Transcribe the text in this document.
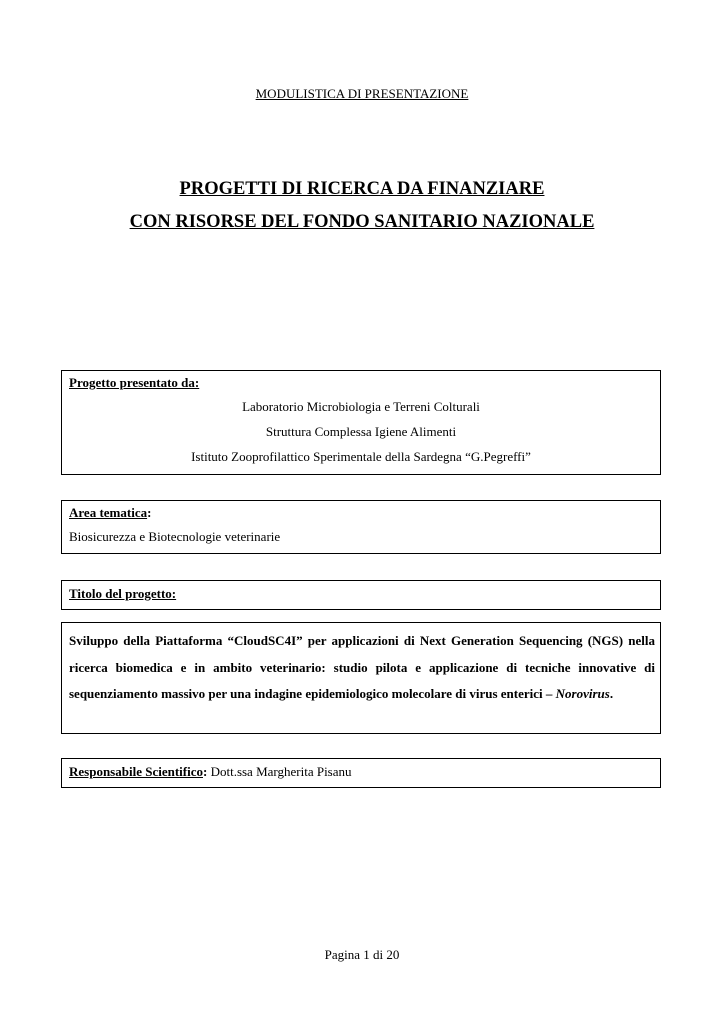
MODULISTICA DI PRESENTAZIONE
PROGETTI DI RICERCA DA FINANZIARE
CON RISORSE DEL FONDO SANITARIO NAZIONALE
Progetto presentato da:
Laboratorio Microbiologia e Terreni Colturali
Struttura Complessa Igiene Alimenti
Istituto Zooprofilattico Sperimentale della Sardegna “G.Pegreffi”
Area tematica:
Biosicurezza e Biotecnologie veterinarie
Titolo del progetto:
Sviluppo della Piattaforma “CloudSC4I” per applicazioni di Next Generation Sequencing (NGS) nella ricerca biomedica e in ambito veterinario: studio pilota e applicazione di tecniche innovative di sequenziamento massivo per una indagine epidemiologico molecolare di virus enterici – Norovirus.
Responsabile Scientifico: Dott.ssa Margherita Pisanu
Pagina 1 di 20
